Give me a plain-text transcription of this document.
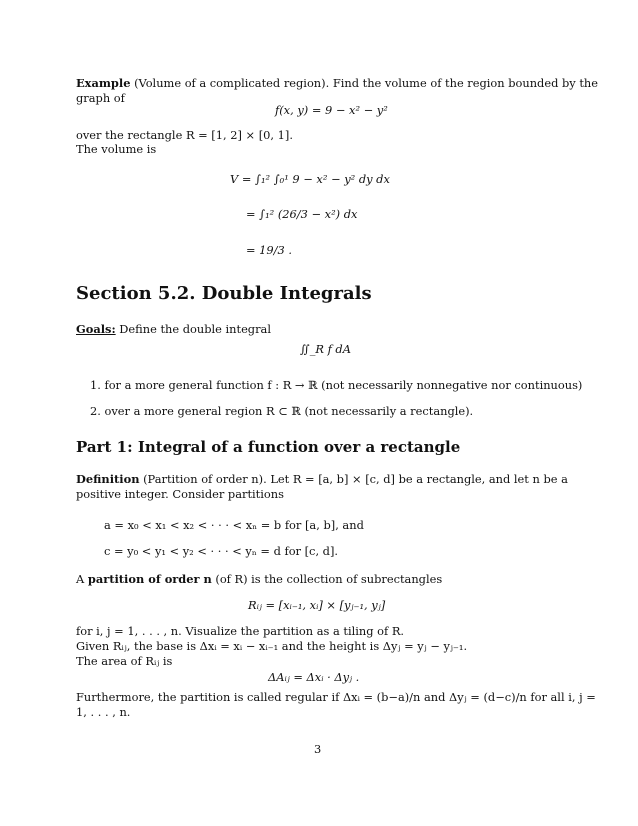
Example (Volume of a complicated region). Find the volume of the region bounded by the
graph of
f(x, y) = 9 − x² − y²
over the rectangle R = [1, 2] × [0, 1].
The volume is
V = ∫₁² ∫₀¹ 9 − x² − y² dy dx
= ∫₁² (26/3 − x²) dx
= 19/3 .
Section 5.2. Double Integrals
Goals: Define the double integral
∬_R f dA
1. for a more general function f : R → ℝ (not necessarily nonnegative nor continuous)
2. over a more general region R ⊂ ℝ (not necessarily a rectangle).
Part 1: Integral of a function over a rectangle
Definition (Partition of order n). Let R = [a, b] × [c, d] be a rectangle, and let n be a
positive integer. Consider partitions
a = x₀ < x₁ < x₂ < · · · < xₙ = b for [a, b], and
c = y₀ < y₁ < y₂ < · · · < yₙ = d for [c, d].
A partition of order n (of R) is the collection of subrectangles
Rᵢⱼ = [xᵢ₋₁, xᵢ] × [yⱼ₋₁, yⱼ]
for i, j = 1, . . . , n. Visualize the partition as a tiling of R.
Given Rᵢⱼ, the base is Δxᵢ = xᵢ − xᵢ₋₁ and the height is Δyⱼ = yⱼ − yⱼ₋₁.
The area of Rᵢⱼ is
ΔAᵢⱼ = Δxᵢ · Δyⱼ .
Furthermore, the partition is called regular if Δxᵢ = (b−a)/n and Δyⱼ = (d−c)/n for all i, j =
1, . . . , n.
3
